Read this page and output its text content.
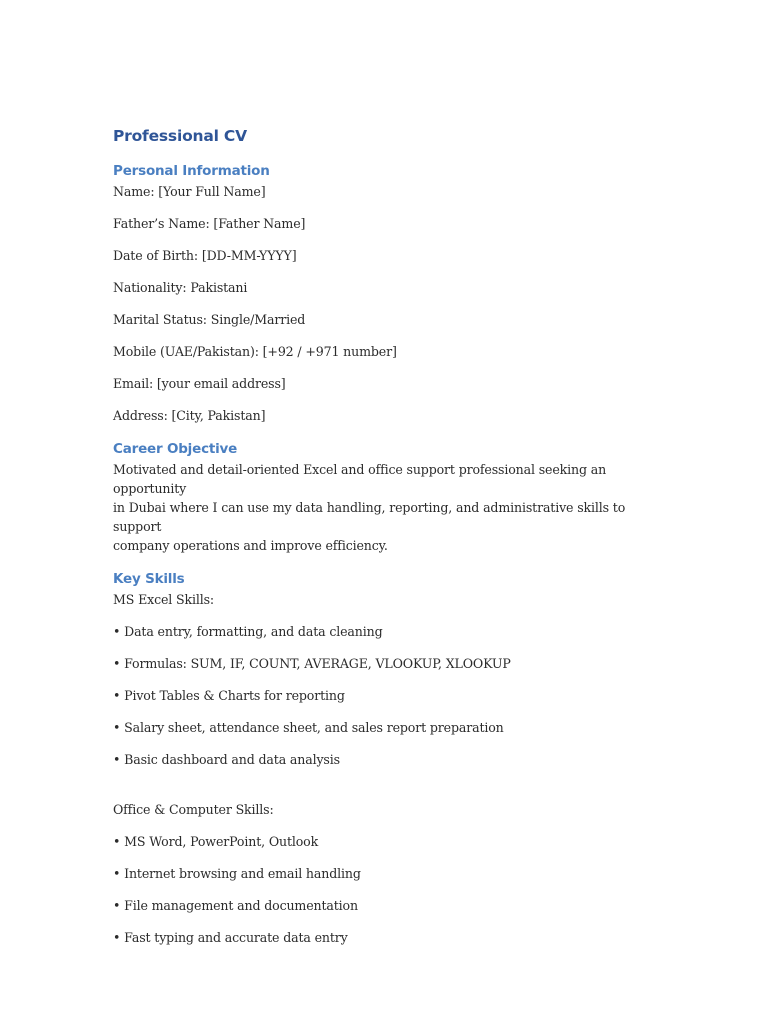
Professional CV
Personal Information

Name: [Your Full Name]

Father’s Name: [Father Name]

Date of Birth: [DD-MM-YYYY]

Nationality: Pakistani

Marital Status: Single/Married

Mobile (UAE/Pakistan): [+92 / +971 number]

Email: [your email address]

Address: [City, Pakistan]

Career Objective
Motivated and detail-oriented Excel and office support professional seeking an opportunity
in Dubai where I can use my data handling, reporting, and administrative skills to support
company operations and improve efficiency.
Key Skills

MS Excel Skills:

• Data entry, formatting, and data cleaning

• Formulas: SUM, IF, COUNT, AVERAGE, VLOOKUP, XLOOKUP

• Pivot Tables & Charts for reporting

• Salary sheet, attendance sheet, and sales report preparation

• Basic dashboard and data analysis

Office & Computer Skills:

• MS Word, PowerPoint, Outlook

• Internet browsing and email handling

• File management and documentation

• Fast typing and accurate data entry
